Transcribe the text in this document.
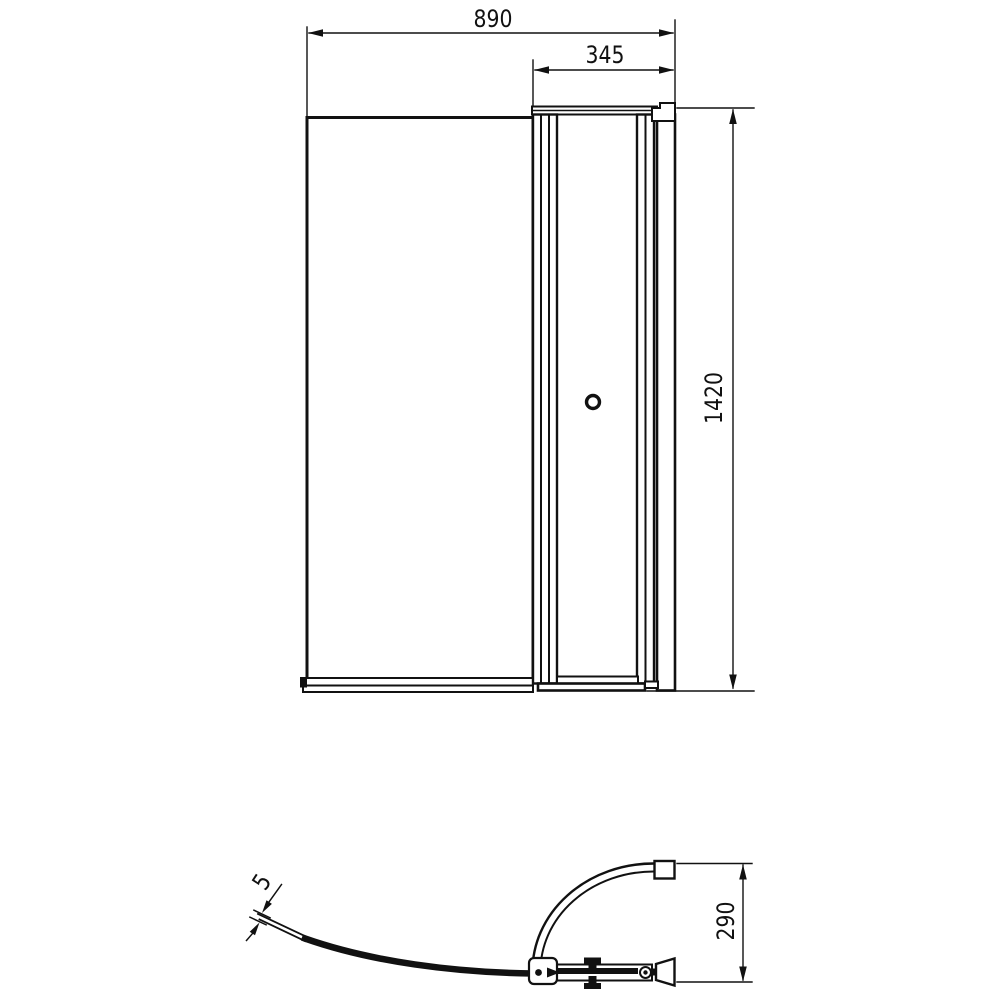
890
345
1420
5
290
